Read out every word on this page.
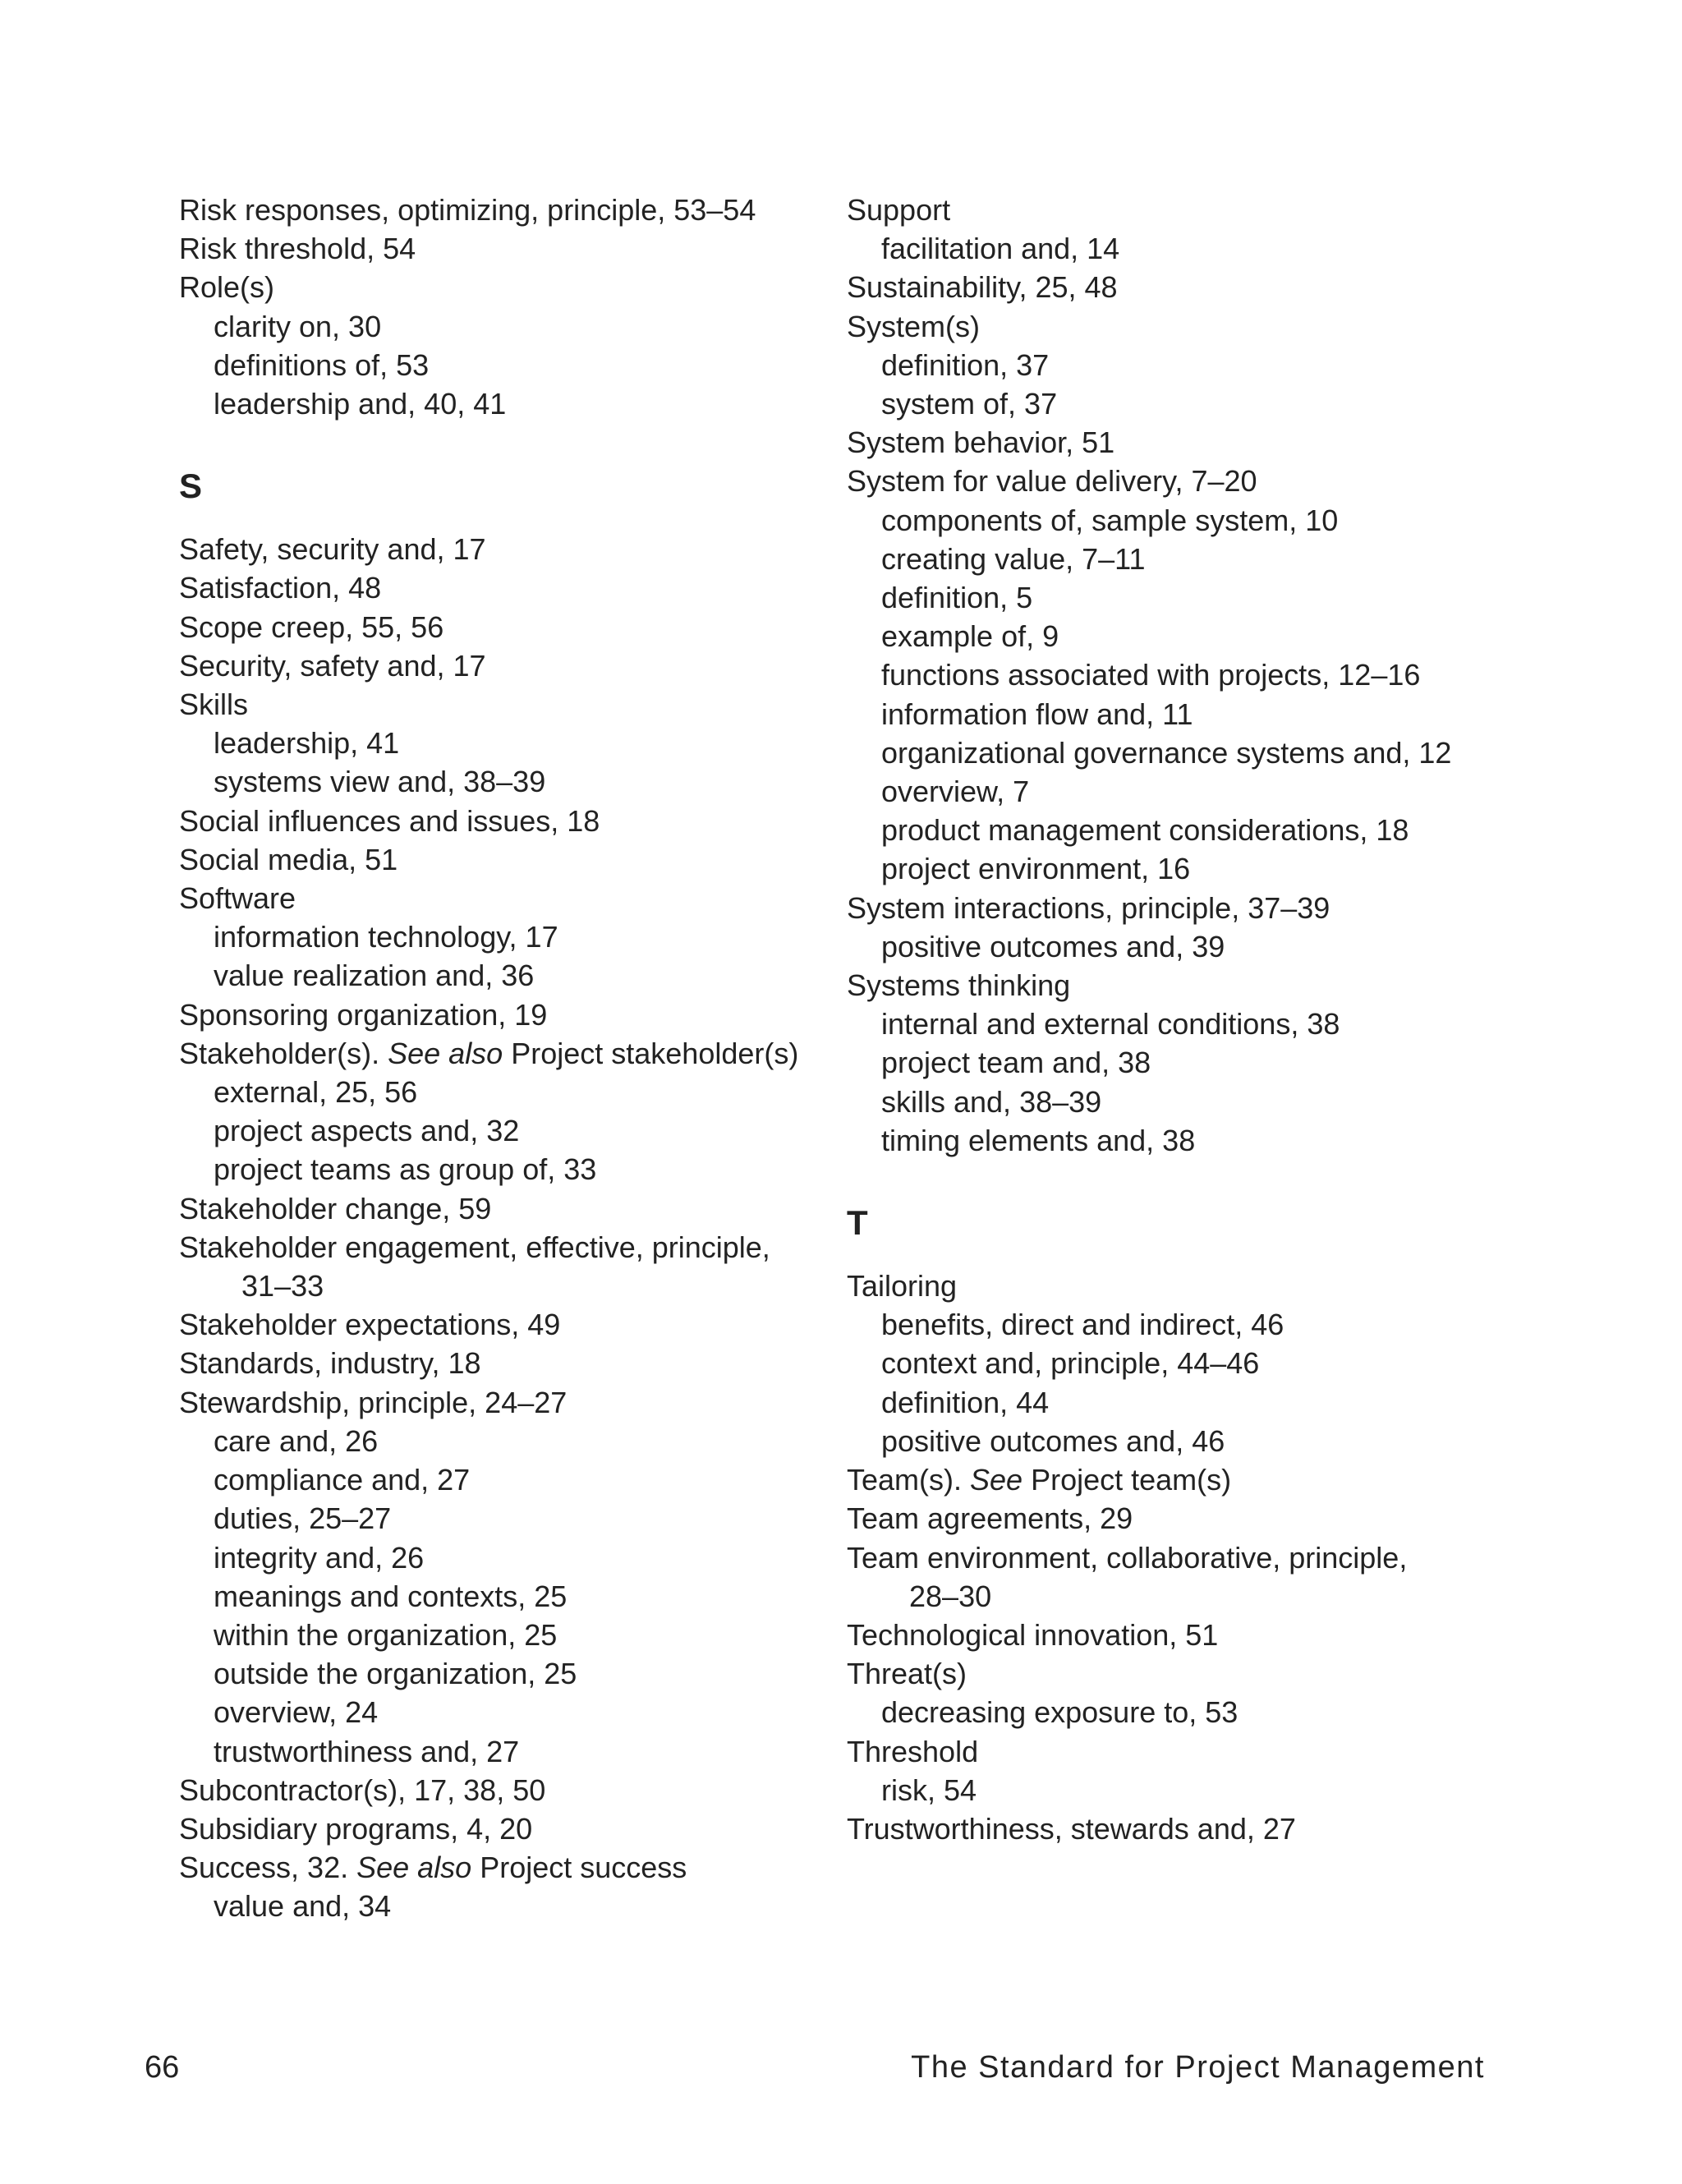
Risk responses, optimizing, principle, 53–54
Risk threshold, 54
Role(s)
clarity on, 30
definitions of, 53
leadership and, 40, 41
S
Safety, security and, 17
Satisfaction, 48
Scope creep, 55, 56
Security, safety and, 17
Skills
leadership, 41
systems view and, 38–39
Social influences and issues, 18
Social media, 51
Software
information technology, 17
value realization and, 36
Sponsoring organization, 19
Stakeholder(s). See also Project stakeholder(s)
external, 25, 56
project aspects and, 32
project teams as group of, 33
Stakeholder change, 59
Stakeholder engagement, effective, principle,
31–33
Stakeholder expectations, 49
Standards, industry, 18
Stewardship, principle, 24–27
care and, 26
compliance and, 27
duties, 25–27
integrity and, 26
meanings and contexts, 25
within the organization, 25
outside the organization, 25
overview, 24
trustworthiness and, 27
Subcontractor(s), 17, 38, 50
Subsidiary programs, 4, 20
Success, 32. See also Project success
value and, 34
Support
facilitation and, 14
Sustainability, 25, 48
System(s)
definition, 37
system of, 37
System behavior, 51
System for value delivery, 7–20
components of, sample system, 10
creating value, 7–11
definition, 5
example of, 9
functions associated with projects, 12–16
information flow and, 11
organizational governance systems and, 12
overview, 7
product management considerations, 18
project environment, 16
System interactions, principle, 37–39
positive outcomes and, 39
Systems thinking
internal and external conditions, 38
project team and, 38
skills and, 38–39
timing elements and, 38
T
Tailoring
benefits, direct and indirect, 46
context and, principle, 44–46
definition, 44
positive outcomes and, 46
Team(s). See Project team(s)
Team agreements, 29
Team environment, collaborative, principle,
28–30
Technological innovation, 51
Threat(s)
decreasing exposure to, 53
Threshold
risk, 54
Trustworthiness, stewards and, 27
66	The Standard for Project Management
